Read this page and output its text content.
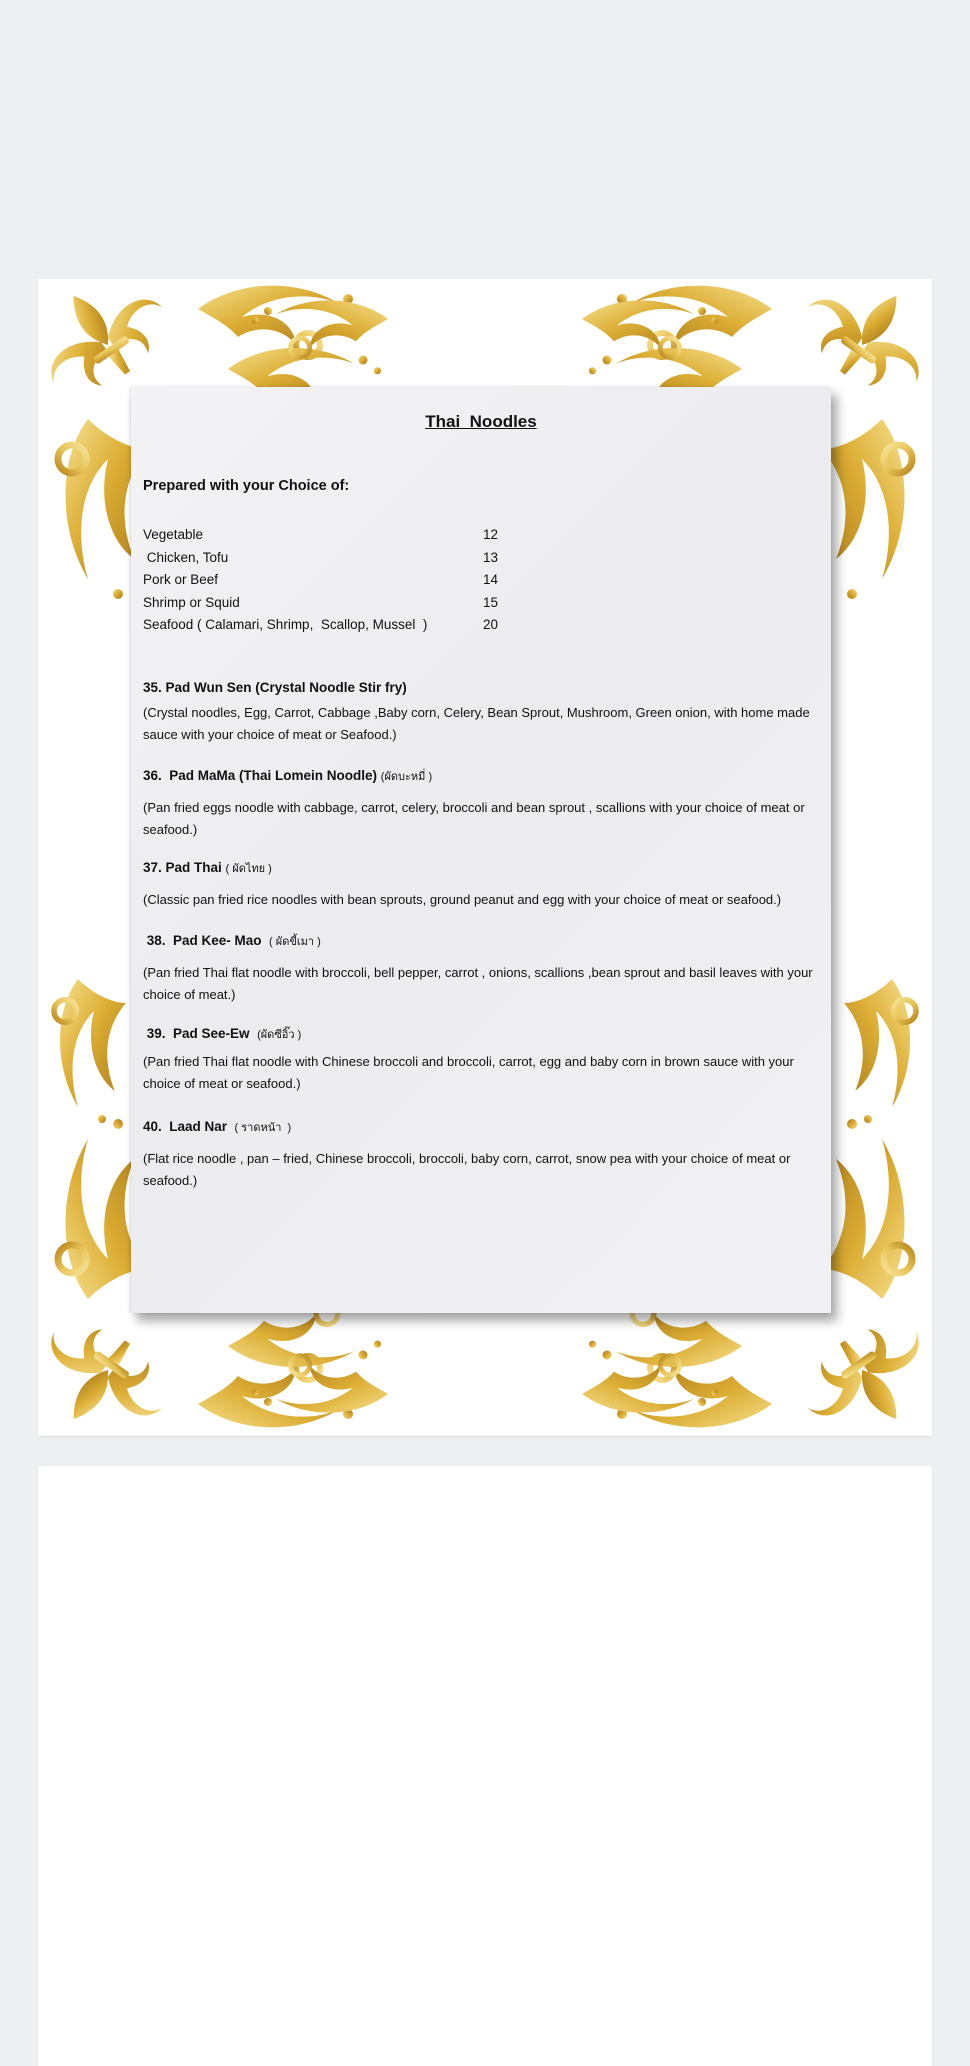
Thai  Noodles
Prepared with your Choice of:
Vegetable	12
Chicken, Tofu	13
Pork or Beef	14
Shrimp or Squid	15
Seafood ( Calamari, Shrimp,  Scallop, Mussel  )	20
35. Pad Wun Sen (Crystal Noodle Stir fry)
(Crystal noodles, Egg, Carrot, Cabbage ,Baby corn, Celery, Bean Sprout, Mushroom, Green onion, with home made sauce with your choice of meat or Seafood.)
36.  Pad MaMa (Thai Lomein Noodle) (ผัดบะหมี่ )
(Pan fried eggs noodle with cabbage, carrot, celery, broccoli and bean sprout , scallions with your choice of meat or seafood.)
37. Pad Thai ( ผัดไทย )
(Classic pan fried rice noodles with bean sprouts, ground peanut and egg with your choice of meat or seafood.)
38.  Pad Kee- Mao  ( ผัดขี้เมา )
(Pan fried Thai flat noodle with broccoli, bell pepper, carrot , onions, scallions ,bean sprout and basil leaves with your choice of meat.)
39.  Pad See-Ew  (ผัดซีอิ๊ว )
(Pan fried Thai flat noodle with Chinese broccoli and broccoli, carrot, egg and baby corn in brown sauce with your choice of meat or seafood.)
40.  Laad Nar  ( ราดหน้า  )
(Flat rice noodle , pan – fried, Chinese broccoli, broccoli, baby corn, carrot, snow pea with your choice of meat or seafood.)
